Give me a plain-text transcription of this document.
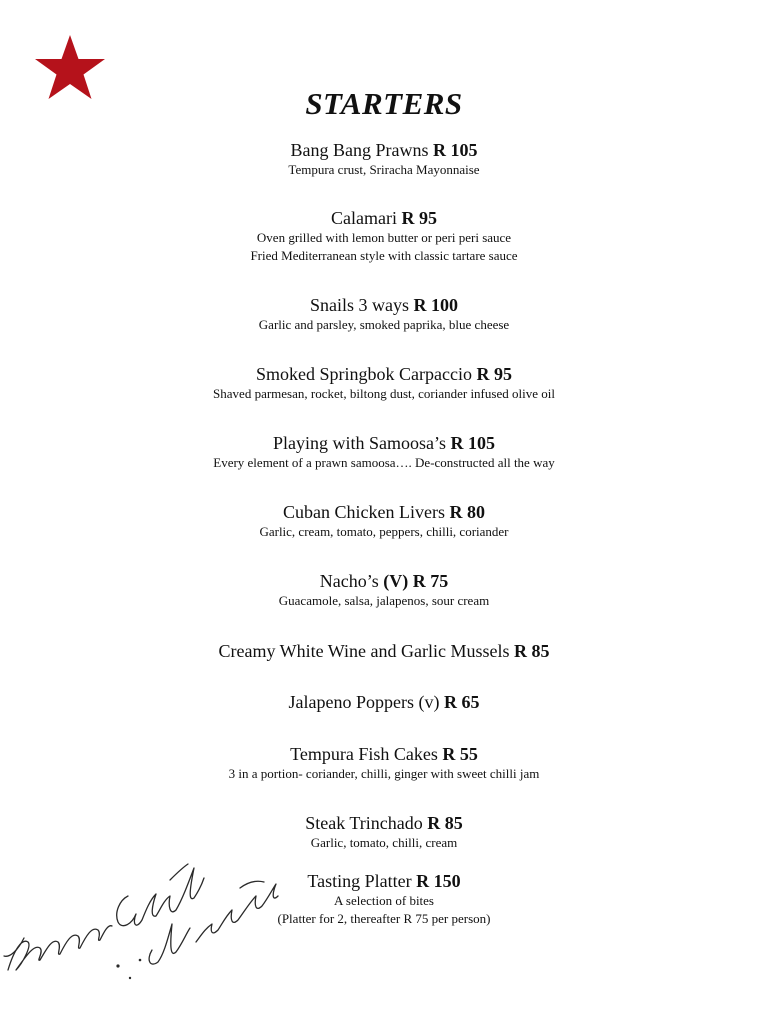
STARTERS
Bang Bang Prawns R 105
Tempura crust, Sriracha Mayonnaise
Calamari R 95
Oven grilled with lemon butter or peri peri sauce
Fried Mediterranean style with classic tartare sauce
Snails 3 ways R 100
Garlic and parsley, smoked paprika, blue cheese
Smoked Springbok Carpaccio R 95
Shaved parmesan, rocket, biltong dust, coriander infused olive oil
Playing with Samoosa’s R 105
Every element of a prawn samoosa…. De-constructed all the way
Cuban Chicken Livers R 80
Garlic, cream, tomato, peppers, chilli, coriander
Nacho’s (V) R 75
Guacamole, salsa, jalapenos, sour cream
Creamy White Wine and Garlic Mussels R 85
Jalapeno Poppers (v) R 65
Tempura Fish Cakes R 55
3 in a portion- coriander, chilli, ginger with sweet chilli jam
Steak Trinchado R 85
Garlic, tomato, chilli, cream
Tasting Platter R 150
A selection of bites
(Platter for 2, thereafter R 75 per person)
